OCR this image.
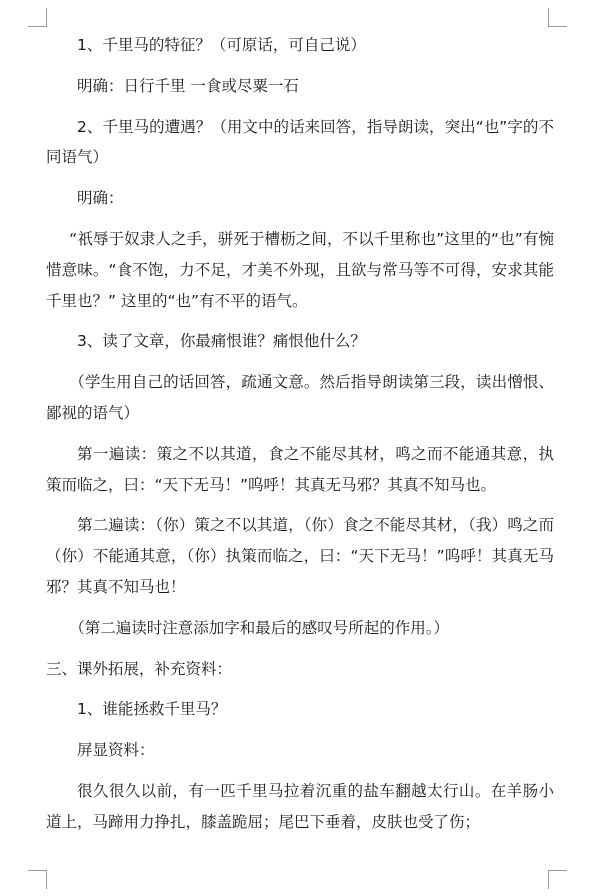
1、千里马的特征？（可原话，可自己说）

明确：日行千里 一食或尽粟一石

2、千里马的遭遇？（用文中的话来回答，指导朗读，突出“也”字的不同语气）

明确：

“祇辱于奴隶人之手，骈死于槽枥之间，不以千里称也”这里的“也”有惋惜意味。“食不饱，力不足，才美不外现，且欲与常马等不可得，安求其能千里也？” 这里的“也”有不平的语气。

3、读了文章，你最痛恨谁？痛恨他什么？

（学生用自己的话回答，疏通文意。然后指导朗读第三段，读出憎恨、鄙视的语气）

第一遍读：策之不以其道，食之不能尽其材，鸣之而不能通其意，执策而临之，曰：“天下无马！”呜呼！其真无马邪？其真不知马也。

第二遍读：（你）策之不以其道，（你）食之不能尽其材，（我）鸣之而（你）不能通其意，（你）执策而临之，曰：“天下无马！”呜呼！其真无马邪？其真不知马也！

（第二遍读时注意添加字和最后的感叹号所起的作用。）

三、课外拓展，补充资料：

1、谁能拯救千里马？

屏显资料：

很久很久以前，有一匹千里马拉着沉重的盐车翻越太行山。在羊肠小道上，马蹄用力挣扎，膝盖跪屈；尾巴下垂着，皮肤也受了伤；
